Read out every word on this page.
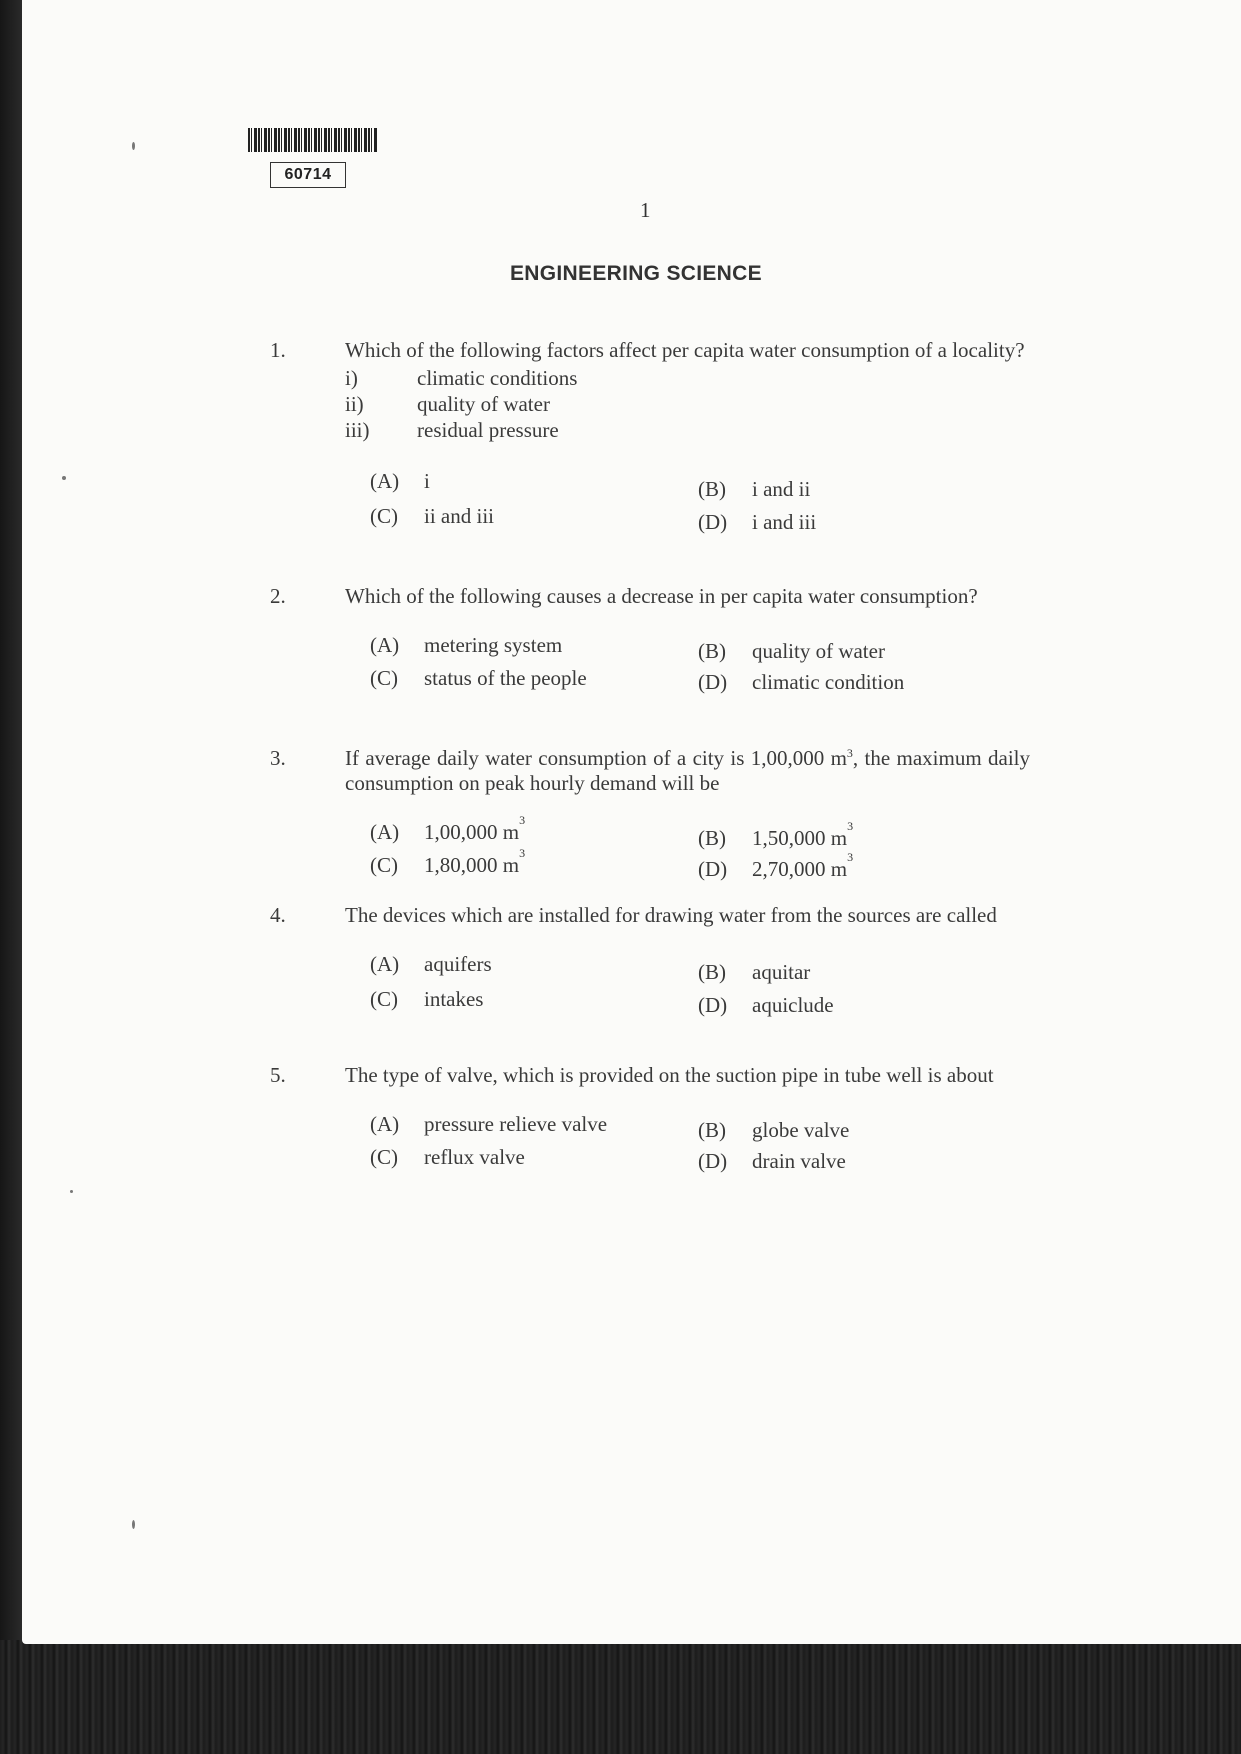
60714
1
ENGINEERING SCIENCE
1.	Which of the following factors affect per capita water consumption of a locality?
i)	climatic conditions
ii)	quality of water
iii)	residual pressure
(A)	i	(B)	i and ii
(C)	ii and iii	(D)	i and iii
2.	Which of the following causes a decrease in per capita water consumption?
(A)	metering system	(B)	quality of water
(C)	status of the people	(D)	climatic condition
3.	If average daily water consumption of a city is 1,00,000 $m^3$, the maximum daily consumption on peak hourly demand will be
(A)	1,00,000 m 3
(B)	1,50,000 m 3
(C)	1,80,000 m 3
(D)	2,70,000 m 3
4.	The devices which are installed for drawing water from the sources are called
(A)	aquifers	(B)	aquitar
(C)	intakes	(D)	aquiclude
5.	The type of valve, which is provided on the suction pipe in tube well is about
(A)	pressure relieve valve	(B)	globe valve
(C)	reflux valve	(D)	drain valve
